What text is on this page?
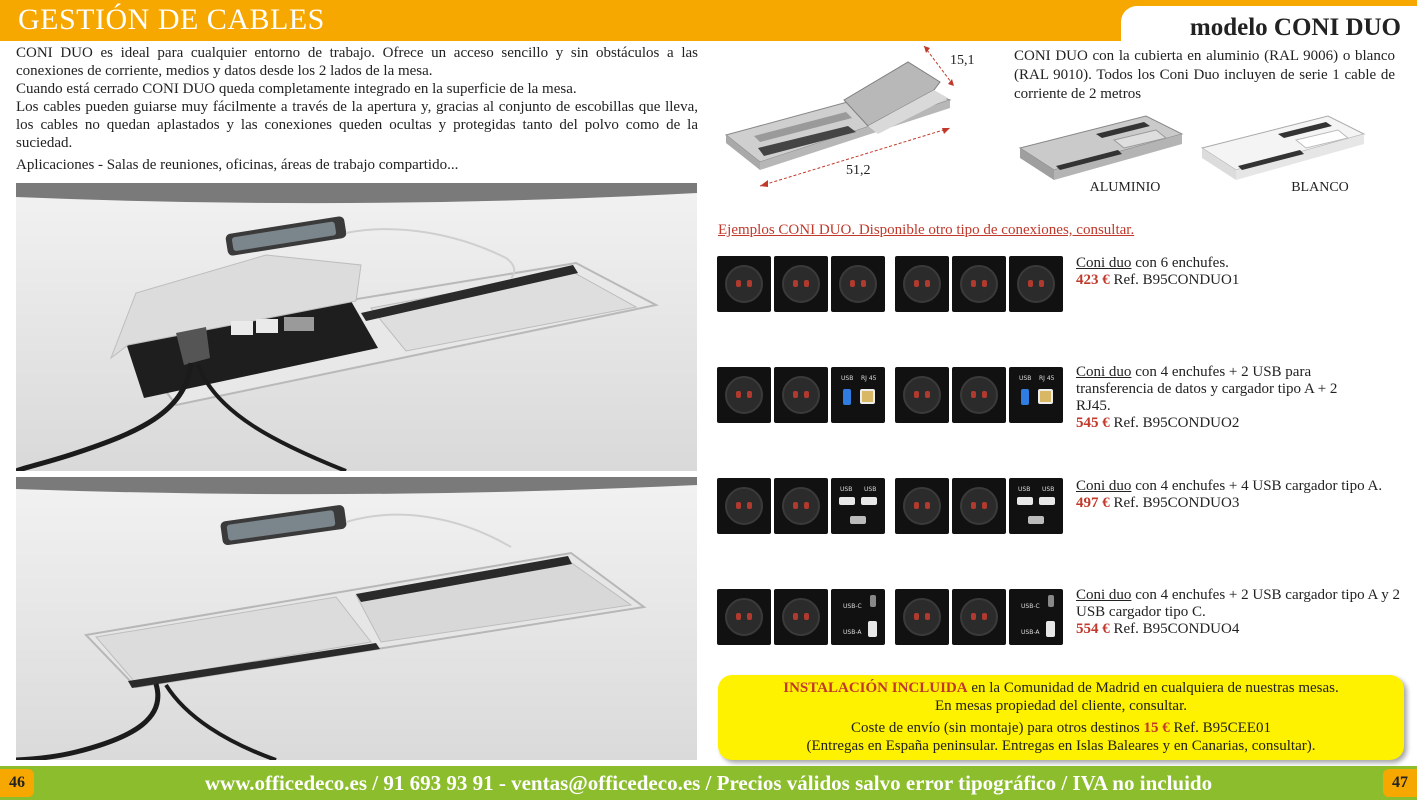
GESTIÓN DE CABLES	modelo CONI DUO

CONI DUO es ideal para cualquier entorno de trabajo. Ofrece un acceso sencillo y sin obstáculos a las conexiones de corriente, medios y datos desde los 2 lados de la mesa.

Cuando está cerrado CONI DUO queda completamente integrado en la superficie de la mesa.

Los cables pueden guiarse muy fácilmente a través de la apertura y, gracias al conjunto de escobillas que lleva, los cables no quedan aplastados y las conexiones queden ocultas y protegidas tanto del polvo como de la suciedad.

Aplicaciones - Salas de reuniones, oficinas, áreas de trabajo compartido...

15,1
51,2
CONI DUO con la cubierta en aluminio (RAL 9006) o blanco (RAL 9010). Todos los Coni Duo incluyen de serie 1 cable de corriente de 2 metros
ALUMINIO	BLANCO
Ejemplos CONI DUO. Disponible otro tipo de conexiones, consultar.
USB RJ 45	USB RJ 45
USB USB	USB USB
USB-C
USB-A
USB-C
USB-A
Coni duo con 6 enchufes.
423 € Ref. B95CONDUO1
Coni duo con 4 enchufes + 2 USB para transferencia de datos y cargador tipo A + 2 RJ45.
545 € Ref. B95CONDUO2
Coni duo con 4 enchufes + 4 USB cargador tipo A.
497 € Ref. B95CONDUO3
Coni duo con 4 enchufes + 2 USB cargador tipo A y 2 USB cargador tipo C.
554 € Ref. B95CONDUO4
INSTALACIÓN INCLUIDA en la Comunidad de Madrid en cualquiera de nuestras mesas.
En mesas propiedad del cliente, consultar.
Coste de envío (sin montaje) para otros destinos 15 € Ref. B95CEE01
(Entregas en España peninsular. Entregas en Islas Baleares y en Canarias, consultar).
www.officedeco.es / 91 693 93 91 - ventas@officedeco.es / Precios válidos salvo error tipográfico / IVA no incluido
46	47
